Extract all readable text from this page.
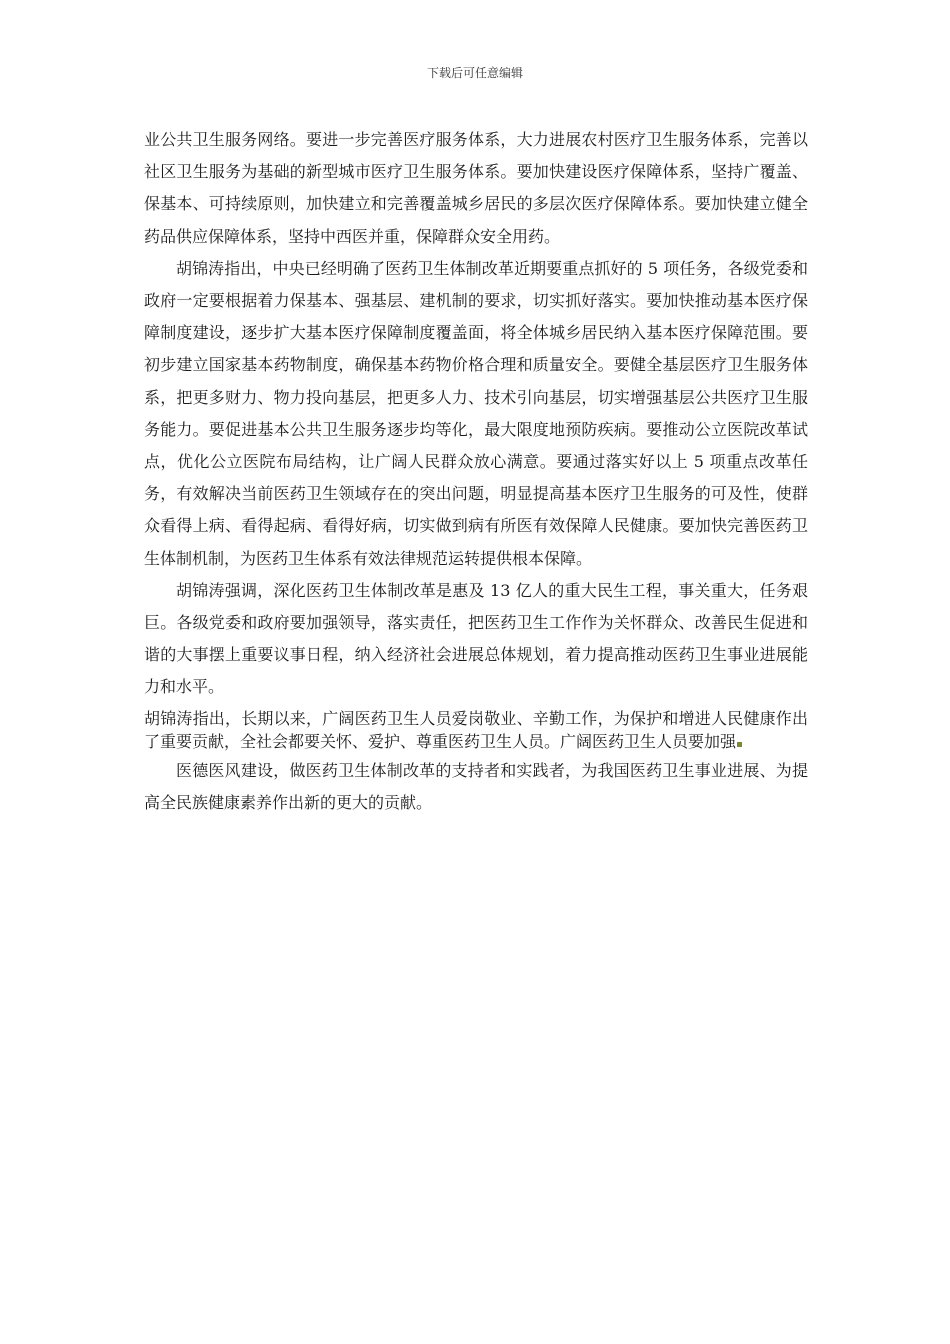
下载后可任意编辑

业公共卫生服务网络。要进一步完善医疗服务体系，大力进展农村医疗卫生服务体系，完善以社区卫生服务为基础的新型城市医疗卫生服务体系。要加快建设医疗保障体系，坚持广覆盖、保基本、可持续原则，加快建立和完善覆盖城乡居民的多层次医疗保障体系。要加快建立健全药品供应保障体系，坚持中西医并重，保障群众安全用药。

胡锦涛指出，中央已经明确了医药卫生体制改革近期要重点抓好的 5 项任务，各级党委和政府一定要根据着力保基本、强基层、建机制的要求，切实抓好落实。要加快推动基本医疗保障制度建设，逐步扩大基本医疗保障制度覆盖面，将全体城乡居民纳入基本医疗保障范围。要初步建立国家基本药物制度，确保基本药物价格合理和质量安全。要健全基层医疗卫生服务体系，把更多财力、物力投向基层，把更多人力、技术引向基层，切实增强基层公共医疗卫生服务能力。要促进基本公共卫生服务逐步均等化，最大限度地预防疾病。要推动公立医院改革试点，优化公立医院布局结构，让广阔人民群众放心满意。要通过落实好以上 5 项重点改革任务，有效解决当前医药卫生领域存在的突出问题，明显提高基本医疗卫生服务的可及性，使群众看得上病、看得起病、看得好病，切实做到病有所医有效保障人民健康。要加快完善医药卫生体制机制，为医药卫生体系有效法律规范运转提供根本保障。

胡锦涛强调，深化医药卫生体制改革是惠及 13 亿人的重大民生工程，事关重大，任务艰巨。各级党委和政府要加强领导，落实责任，把医药卫生工作作为关怀群众、改善民生促进和谐的大事摆上重要议事日程，纳入经济社会进展总体规划，着力提高推动医药卫生事业进展能力和水平。

胡锦涛指出，长期以来，广阔医药卫生人员爱岗敬业、辛勤工作，为保护和增进人民健康作出了重要贡献，全社会都要关怀、爱护、尊重医药卫生人员。广阔医药卫生人员要加强

医德医风建设，做医药卫生体制改革的支持者和实践者，为我国医药卫生事业进展、为提高全民族健康素养作出新的更大的贡献。
